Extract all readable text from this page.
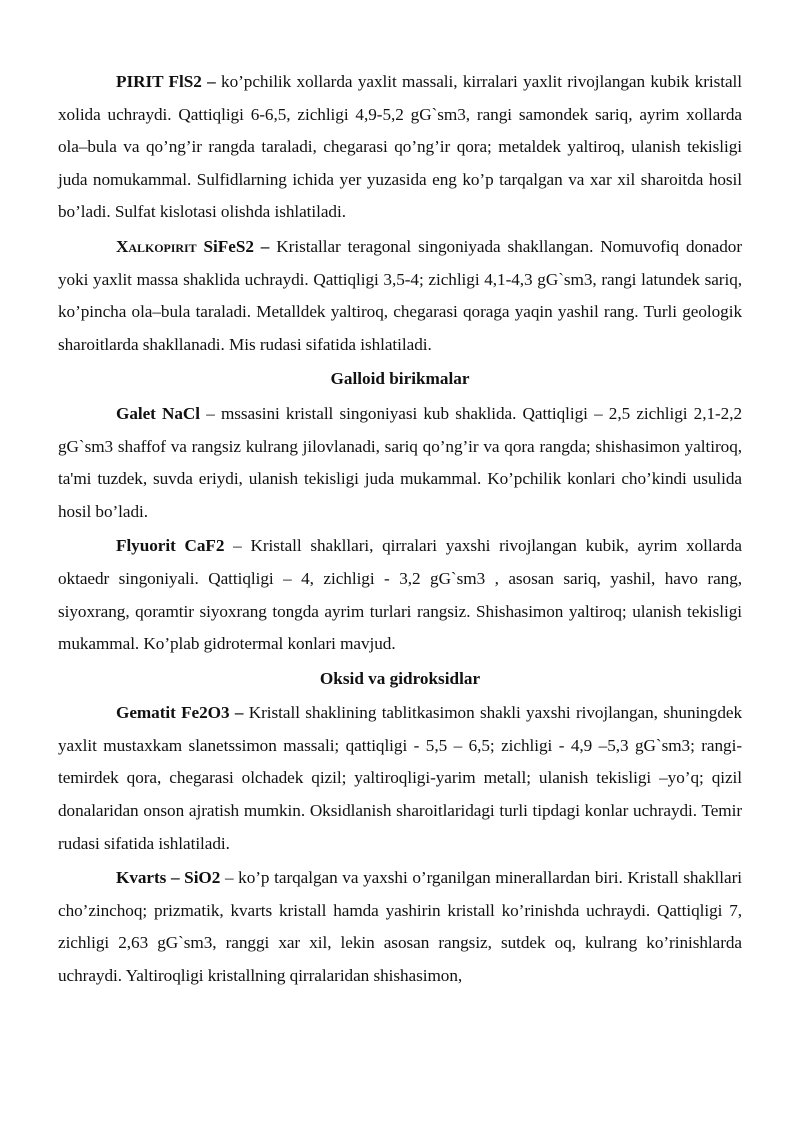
PIRIT FlS2 – ko’pchilik xollarda yaxlit massali, kirralari yaxlit rivojlangan kubik kristall xolida uchraydi. Qattiqligi 6-6,5, zichligi 4,9-5,2 gG`sm3, rangi samondek sariq, ayrim xollarda ola–bula va qo’ng’ir rangda taraladi, chegarasi qo’ng’ir qora; metaldek yaltiroq, ulanish tekisligi juda nomukammal. Sulfidlarning ichida yer yuzasida eng ko’p tarqalgan va xar xil sharoitda hosil bo’ladi. Sulfat kislotasi olishda ishlatiladi.

Xalkopirit SiFeS2 – Kristallar teragonal singoniyada shakllangan. Nomuvofiq donador yoki yaxlit massa shaklida uchraydi. Qattiqligi 3,5-4; zichligi 4,1-4,3 gG`sm3, rangi latundek sariq, ko’pincha ola–bula taraladi. Metalldek yaltiroq, chegarasi qoraga yaqin yashil rang. Turli geologik sharoitlarda shakllanadi. Mis rudasi sifatida ishlatiladi.

Galloid birikmalar

Galet NaCl – mssasini kristall singoniyasi kub shaklida. Qattiqligi – 2,5 zichligi 2,1-2,2 gG`sm3 shaffof va rangsiz kulrang jilovlanadi, sariq qo’ng’ir va qora rangda; shishasimon yaltiroq, ta'mi tuzdek, suvda eriydi, ulanish tekisligi juda mukammal. Ko’pchilik konlari cho’kindi usulida hosil bo’ladi.

Flyuorit CaF2 – Kristall shakllari, qirralari yaxshi rivojlangan kubik, ayrim xollarda oktaedr singoniyali. Qattiqligi – 4, zichligi - 3,2 gG`sm3 , asosan sariq, yashil, havo rang, siyoxrang, qoramtir siyoxrang tongda ayrim turlari rangsiz. Shishasimon yaltiroq; ulanish tekisligi mukammal. Ko’plab gidrotermal konlari mavjud.

Oksid va gidroksidlar

Gematit Fe2O3 – Kristall shaklining tablitkasimon shakli yaxshi rivojlangan, shuningdek yaxlit mustaxkam slanetssimon massali; qattiqligi - 5,5 – 6,5; zichligi - 4,9 –5,3 gG`sm3; rangi-temirdek qora, chegarasi olchadek qizil; yaltiroqligi-yarim metall; ulanish tekisligi –yo’q; qizil donalaridan onson ajratish mumkin. Oksidlanish sharoitlaridagi turli tipdagi konlar uchraydi. Temir rudasi sifatida ishlatiladi.

Kvarts – SiO2 – ko’p tarqalgan va yaxshi o’rganilgan minerallardan biri. Kristall shakllari cho’zinchoq; prizmatik, kvarts kristall hamda yashirin kristall ko’rinishda uchraydi. Qattiqligi 7, zichligi 2,63 gG`sm3, ranggi xar xil, lekin asosan rangsiz, sutdek oq, kulrang ko’rinishlarda uchraydi. Yaltiroqligi kristallning qirralaridan shishasimon,
